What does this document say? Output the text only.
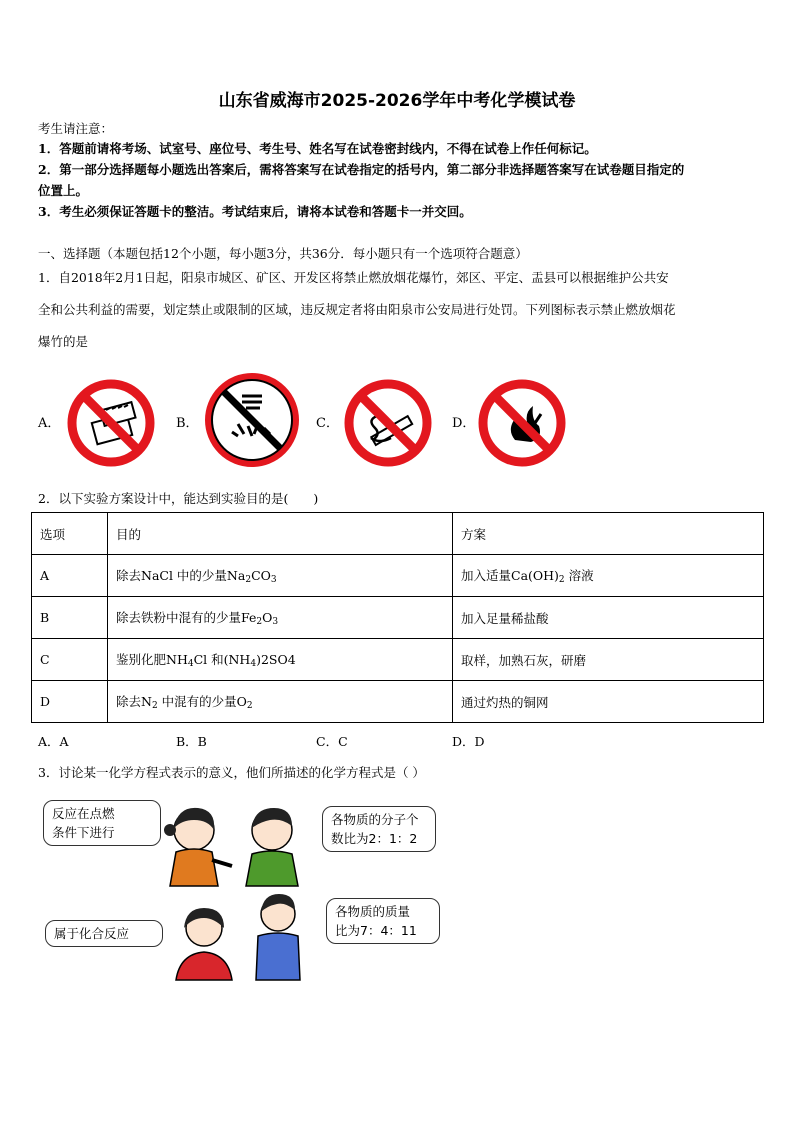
山东省威海市2025-2026学年中考化学模试卷
考生请注意：
1．答题前请将考场、试室号、座位号、考生号、姓名写在试卷密封线内，不得在试卷上作任何标记。
2．第一部分选择题每小题选出答案后，需将答案写在试卷指定的括号内，第二部分非选择题答案写在试卷题目指定的
位置上。
3．考生必须保证答题卡的整洁。考试结束后，请将本试卷和答题卡一并交回。
一、选择题（本题包括12个小题，每小题3分，共36分．每小题只有一个选项符合题意）
1．自2018年2月1日起，阳泉市城区、矿区、开发区将禁止燃放烟花爆竹，郊区、平定、盂县可以根据维护公共安
全和公共利益的需要，划定禁止或限制的区域，违反规定者将由阳泉市公安局进行处罚。下列图标表示禁止燃放烟花
爆竹的是
A．	B．	C．	D．
2．以下实验方案设计中，能达到实验目的是(　　)
选项	目的	方案
A	除去NaCl 中的少量$Na_2CO_3$	加入适量$Ca(OH)_2$ 溶液
B	除去铁粉中混有的少量$Fe_2O_3$	加入足量稀盐酸
C	鉴别化肥$NH_4Cl$ 和$(NH_4)2SO4$	取样，加熟石灰，研磨
D	除去$N_2$ 中混有的少量$O_2$	通过灼热的铜网
A．A	B．B	C．C	D．D
3．讨论某一化学方程式表示的意义，他们所描述的化学方程式是（ ）
反应在点燃
条件下进行
各物质的分子个
数比为2：1：2
属于化合反应
各物质的质量
比为7：4：11
